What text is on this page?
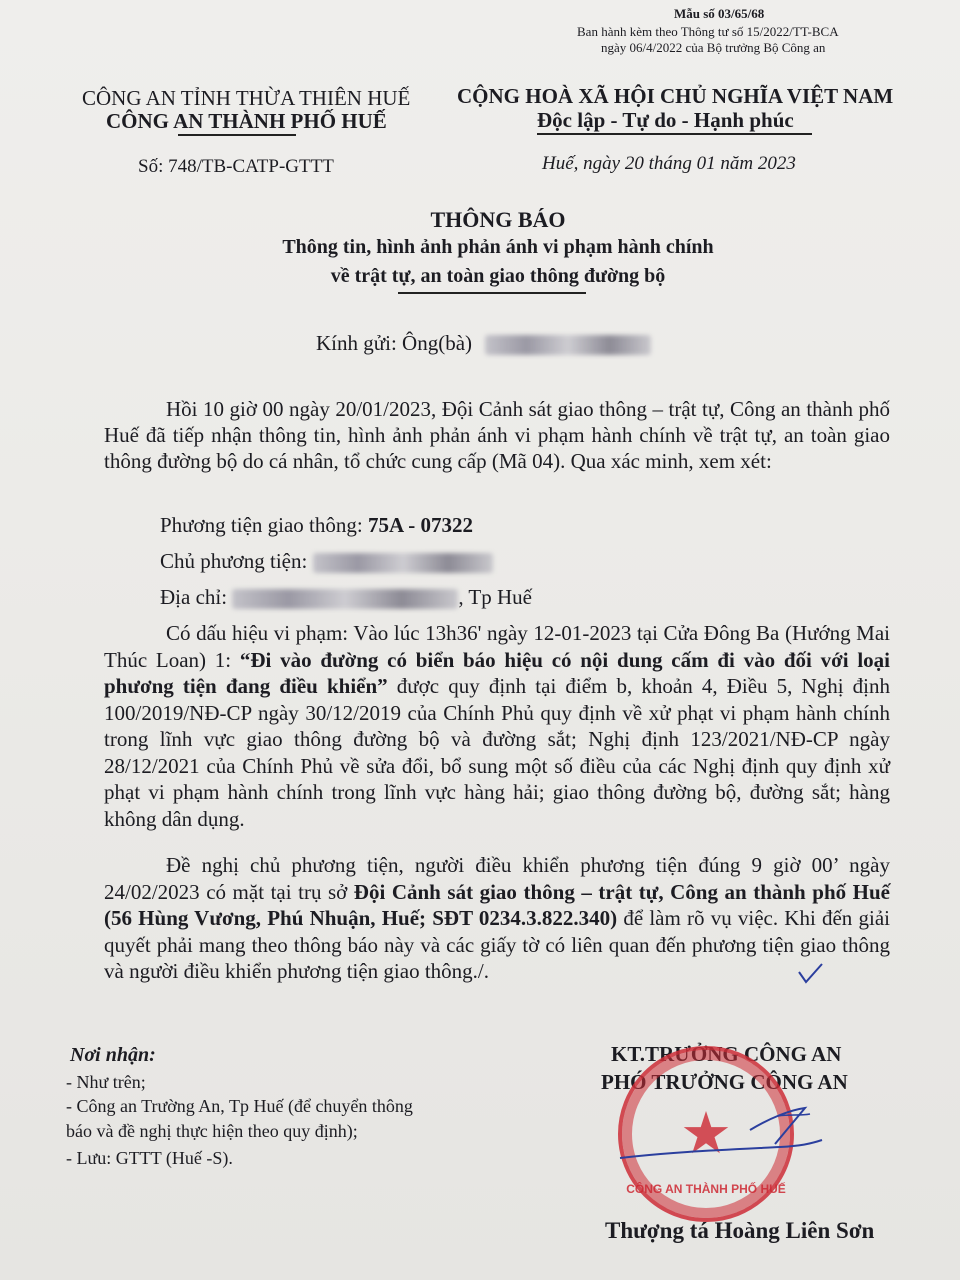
Mẫu số 03/65/68
Ban hành kèm theo Thông tư số 15/2022/TT-BCA
ngày 06/4/2022 của Bộ trưởng Bộ Công an
CÔNG AN TỈNH THỪA THIÊN HUẾ
CÔNG AN THÀNH PHỐ HUẾ
Số: 748/TB-CATP-GTTT
CỘNG HOÀ XÃ HỘI CHỦ NGHĨA VIỆT NAM
Độc lập - Tự do - Hạnh phúc
Huế, ngày 20 tháng 01 năm 2023
THÔNG BÁO
Thông tin, hình ảnh phản ánh vi phạm hành chính
về trật tự, an toàn giao thông đường bộ
Kính gửi: Ông(bà)
Hồi 10 giờ 00 ngày 20/01/2023, Đội Cảnh sát giao thông – trật tự, Công an thành phố Huế đã tiếp nhận thông tin, hình ảnh phản ánh vi phạm hành chính về trật tự, an toàn giao thông đường bộ do cá nhân, tổ chức cung cấp (Mã 04). Qua xác minh, xem xét:
Phương tiện giao thông: 75A - 07322
Chủ phương tiện:
Địa chỉ:	, Tp Huế
Có dấu hiệu vi phạm: Vào lúc 13h36' ngày 12-01-2023 tại Cửa Đông Ba (Hướng Mai Thúc Loan) 1: “Đi vào đường có biển báo hiệu có nội dung cấm đi vào đối với loại phương tiện đang điều khiển” được quy định tại điểm b, khoản 4, Điều 5, Nghị định 100/2019/NĐ-CP ngày 30/12/2019 của Chính Phủ quy định về xử phạt vi phạm hành chính trong lĩnh vực giao thông đường bộ và đường sắt; Nghị định 123/2021/NĐ-CP ngày 28/12/2021 của Chính Phủ về sửa đổi, bổ sung một số điều của các Nghị định quy định xử phạt vi phạm hành chính trong lĩnh vực hàng hải; giao thông đường bộ, đường sắt; hàng không dân dụng.
Đề nghị chủ phương tiện, người điều khiển phương tiện đúng 9 giờ 00’ ngày 24/02/2023 có mặt tại trụ sở Đội Cảnh sát giao thông – trật tự, Công an thành phố Huế (56 Hùng Vương, Phú Nhuận, Huế; SĐT 0234.3.822.340) để làm rõ vụ việc. Khi đến giải quyết phải mang theo thông báo này và các giấy tờ có liên quan đến phương tiện giao thông và người điều khiển phương tiện giao thông./.
Nơi nhận:
- Như trên;
- Công an Trường An, Tp Huế (để chuyển thông
báo và đề nghị thực hiện theo quy định);
- Lưu: GTTT (Huế -S).
KT.TRƯỞNG CÔNG AN
PHÓ TRƯỞNG CÔNG AN
★
CÔNG AN THÀNH PHỐ HUẾ
Thượng tá Hoàng Liên Sơn
